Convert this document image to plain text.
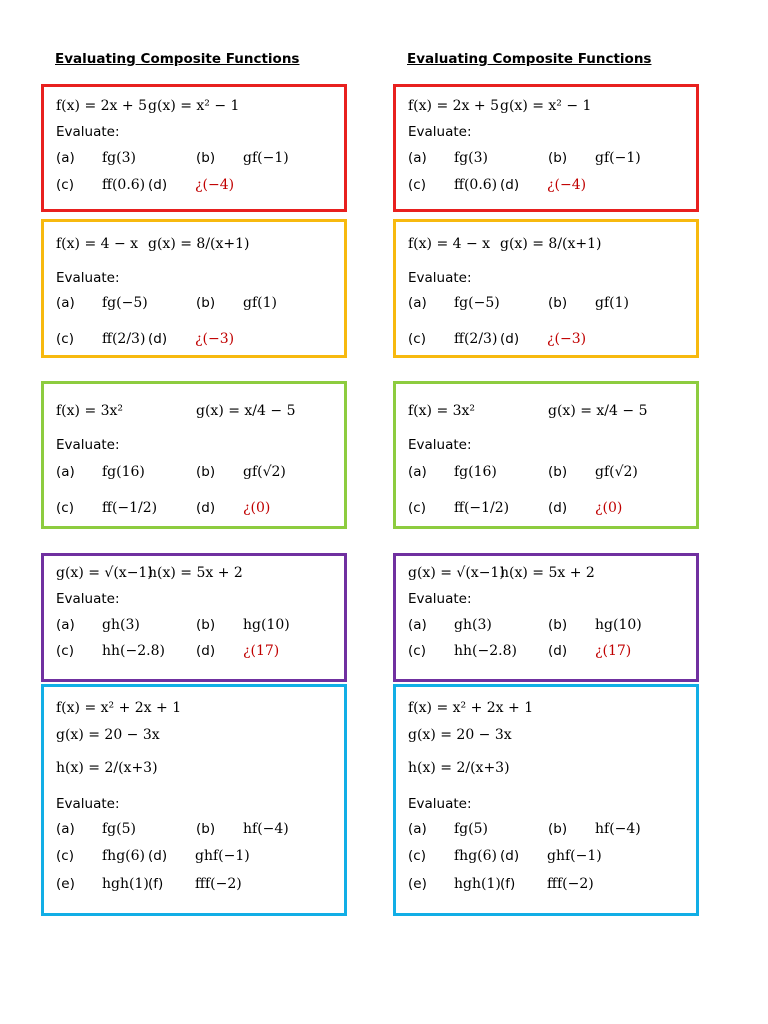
Evaluating Composite Functions
f(x) = 2x + 5 g(x) = x² − 1
Evaluate:
(a) fg(3)	(b) gf(−1)
(c) ff(0.6) (d) ¿(−4)
f(x) = 4 − x g(x) = 8/(x+1)
Evaluate:
(a) fg(−5)	(b) gf(1)
(c) ff(2/3) (d) ¿(−3)
f(x) = 3x²	g(x) = x/4 − 5
Evaluate:
(a) fg(16)	(b) gf(√2)
(c) ff(−1/2)	(d) ¿(0)
g(x) = √(x−1)
h(x) = 5x + 2
Evaluate:
(a) gh(3)	(b) hg(10)
(c) hh(−2.8) (d) ¿(17)
f(x) = x² + 2x + 1
g(x) = 20 − 3x
h(x) = 2/(x+3)
Evaluate:
(a) fg(5)	(b) hf(−4)
(c) fhg(6) (d) ghf(−1)
(e) hgh(1) (f) fff(−2)
Evaluating Composite Functions
f(x) = 2x + 5 g(x) = x² − 1
Evaluate:
(a) fg(3)	(b) gf(−1)
(c) ff(0.6) (d) ¿(−4)
f(x) = 4 − x g(x) = 8/(x+1)
Evaluate:
(a) fg(−5)	(b) gf(1)
(c) ff(2/3) (d) ¿(−3)
f(x) = 3x²	g(x) = x/4 − 5
Evaluate:
(a) fg(16)	(b) gf(√2)
(c) ff(−1/2)	(d) ¿(0)
g(x) = √(x−1)
h(x) = 5x + 2
Evaluate:
(a) gh(3)	(b) hg(10)
(c) hh(−2.8) (d) ¿(17)
f(x) = x² + 2x + 1
g(x) = 20 − 3x
h(x) = 2/(x+3)
Evaluate:
(a) fg(5)	(b) hf(−4)
(c) fhg(6) (d) ghf(−1)
(e) hgh(1) (f) fff(−2)
